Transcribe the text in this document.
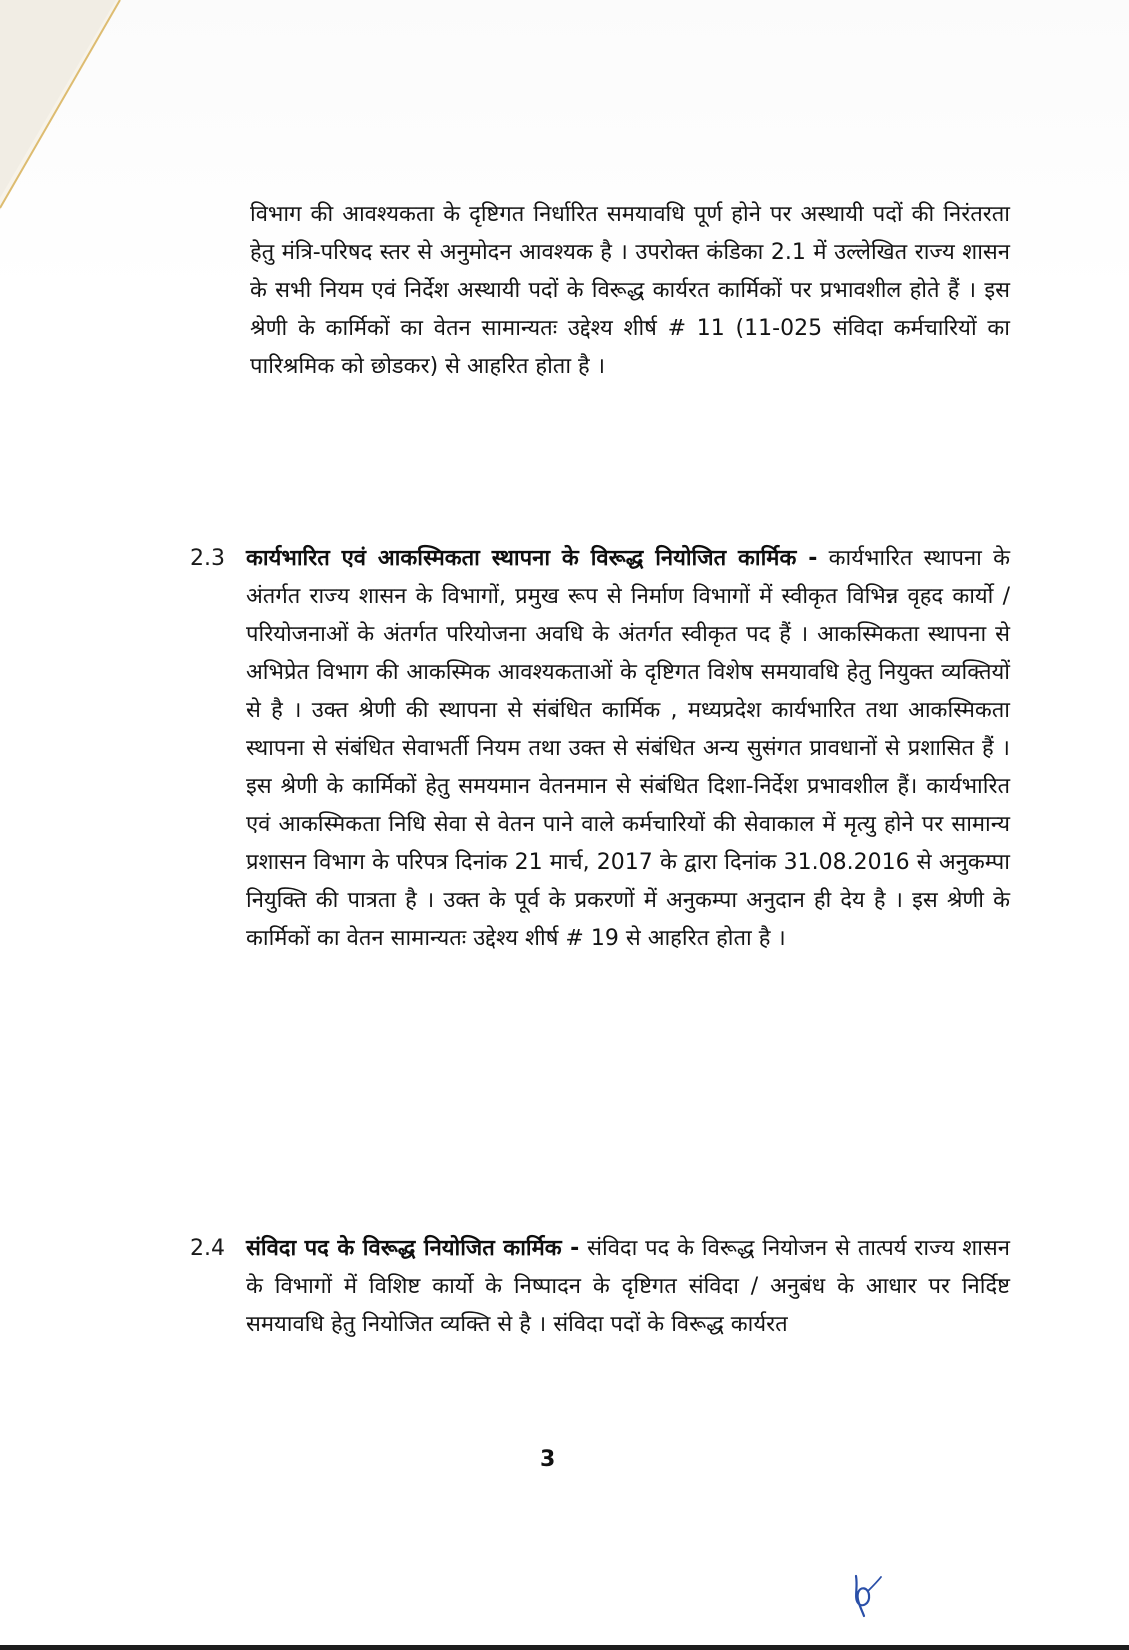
विभाग की आवश्यकता के दृष्टिगत निर्धारित समयावधि पूर्ण होने पर अस्थायी पदों की निरंतरता हेतु मंत्रि-परिषद स्तर से अनुमोदन आवश्यक है । उपरोक्त कंडिका 2.1 में उल्लेखित राज्य शासन के सभी नियम एवं निर्देश अस्थायी पदों के विरूद्ध कार्यरत कार्मिकों पर प्रभावशील होते हैं । इस श्रेणी के कार्मिकों का वेतन सामान्यतः उद्देश्य शीर्ष # 11 (11-025 संविदा कर्मचारियों का पारिश्रमिक को छोडकर) से आहरित होता है ।

2.3 कार्यभारित एवं आकस्मिकता स्थापना के विरूद्ध नियोजित कार्मिक - कार्यभारित स्थापना के अंतर्गत राज्य शासन के विभागों, प्रमुख रूप से निर्माण विभागों में स्वीकृत विभिन्न वृहद कार्यो / परियोजनाओं के अंतर्गत परियोजना अवधि के अंतर्गत स्वीकृत पद हैं । आकस्मिकता स्थापना से अभिप्रेत विभाग की आकस्मिक आवश्यकताओं के दृष्टिगत विशेष समयावधि हेतु नियुक्त व्यक्तियों से है । उक्त श्रेणी की स्थापना से संबंधित कार्मिक , मध्यप्रदेश कार्यभारित तथा आकस्मिकता स्थापना से संबंधित सेवाभर्ती नियम तथा उक्त से संबंधित अन्य सुसंगत प्रावधानों से प्रशासित हैं । इस श्रेणी के कार्मिकों हेतु समयमान वेतनमान से संबंधित दिशा-निर्देश प्रभावशील हैं। कार्यभारित एवं आकस्मिकता निधि सेवा से वेतन पाने वाले कर्मचारियों की सेवाकाल में मृत्यु होने पर सामान्य प्रशासन विभाग के परिपत्र दिनांक 21 मार्च, 2017 के द्वारा दिनांक 31.08.2016 से अनुकम्पा नियुक्ति की पात्रता है । उक्त के पूर्व के प्रकरणों में अनुकम्पा अनुदान ही देय है । इस श्रेणी के कार्मिकों का वेतन सामान्यतः उद्देश्य शीर्ष # 19 से आहरित होता है ।
2.4 संविदा पद के विरूद्ध नियोजित कार्मिक - संविदा पद के विरूद्ध नियोजन से तात्पर्य राज्य शासन के विभागों में विशिष्ट कार्यो के निष्पादन के दृष्टिगत संविदा / अनुबंध के आधार पर निर्दिष्ट समयावधि हेतु नियोजित व्यक्ति से है । संविदा पदों के विरूद्ध कार्यरत
3
